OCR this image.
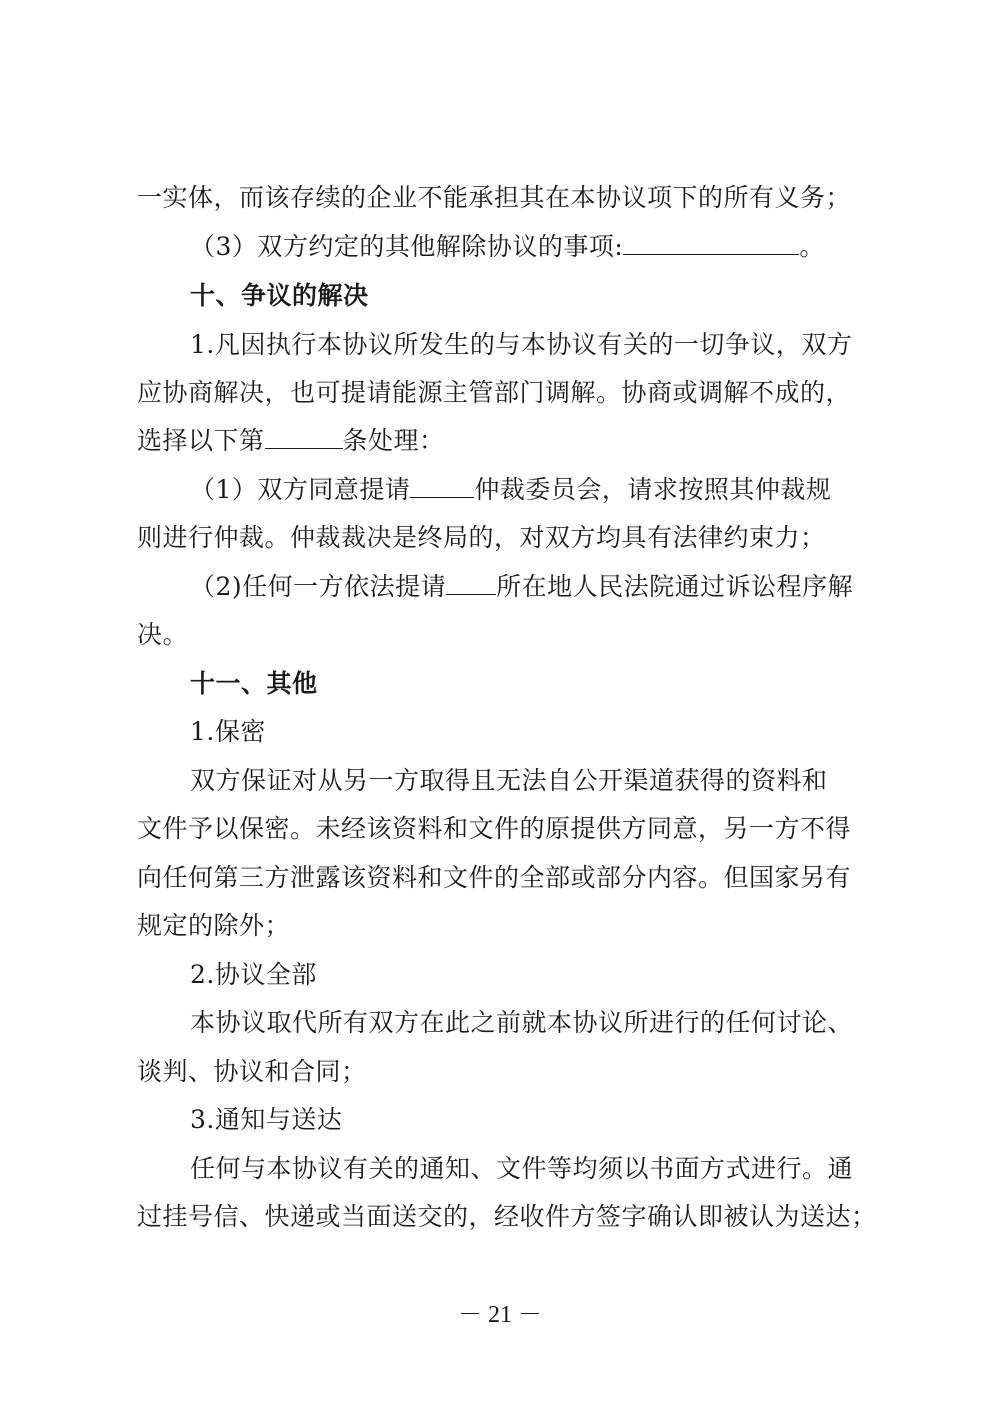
一实体，而该存续的企业不能承担其在本协议项下的所有义务；
（3）双方约定的其他解除协议的事项:	。
十、争议的解决
1.凡因执行本协议所发生的与本协议有关的一切争议，双方
应协商解决，也可提请能源主管部门调解。协商或调解不成的，
选择以下第	条处理：
（1）双方同意提请	仲裁委员会，请求按照其仲裁规
则进行仲裁。仲裁裁决是终局的，对双方均具有法律约束力；
（2)任何一方依法提请 所在地人民法院通过诉讼程序解
决。
十一、其他
1.保密
双方保证对从另一方取得且无法自公开渠道获得的资料和
文件予以保密。未经该资料和文件的原提供方同意，另一方不得
向任何第三方泄露该资料和文件的全部或部分内容。但国家另有
规定的除外；
2.协议全部
本协议取代所有双方在此之前就本协议所进行的任何讨论、
谈判、协议和合同；
3.通知与送达
任何与本协议有关的通知、文件等均须以书面方式进行。通
过挂号信、快递或当面送交的，经收件方签字确认即被认为送达；
－ 21 －
